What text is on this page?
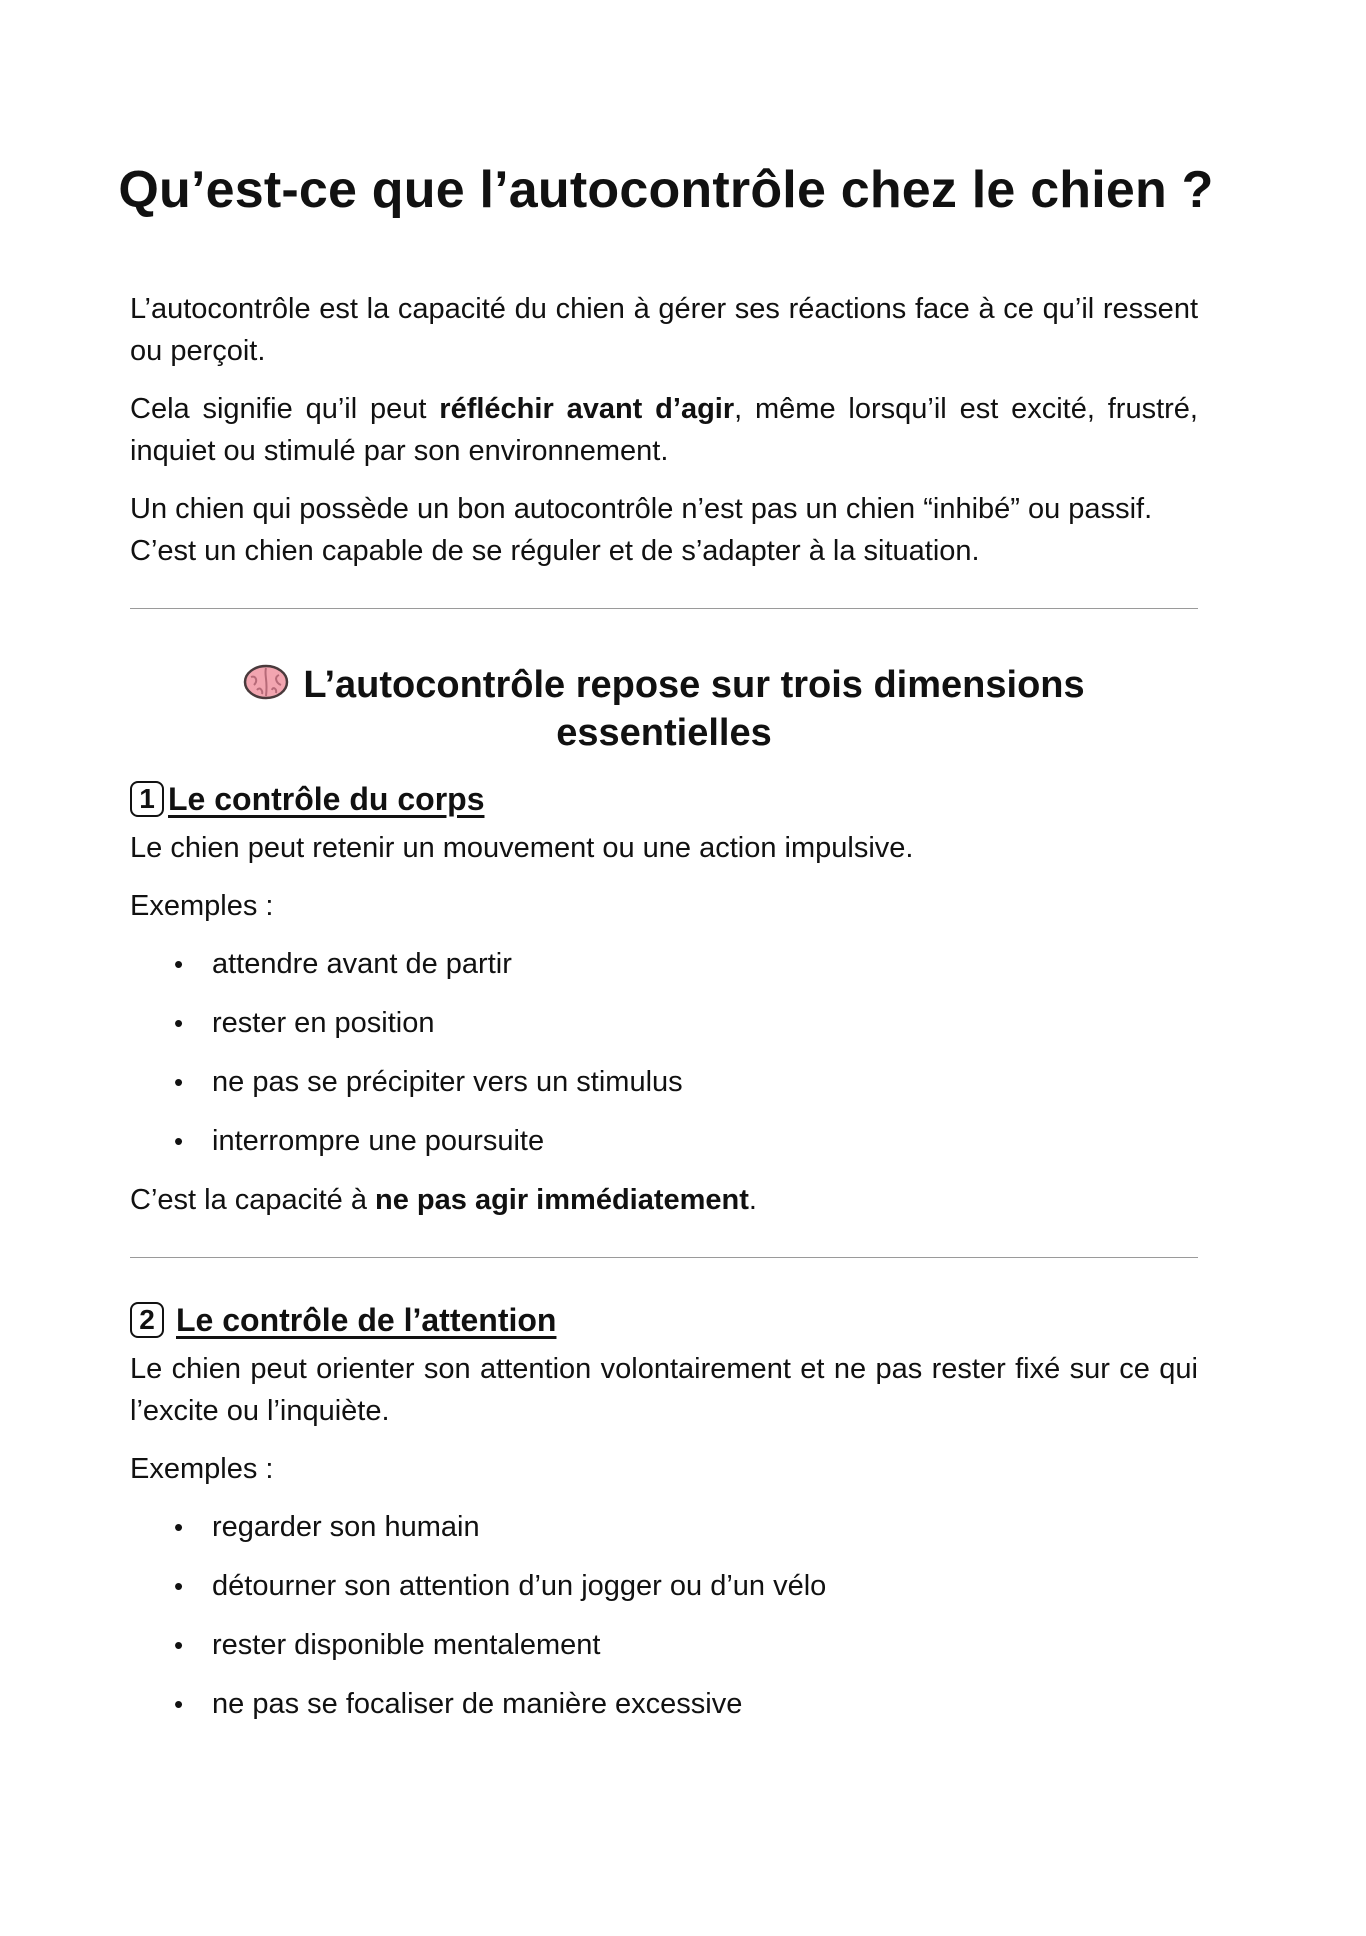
Qu’est-ce que l’autocontrôle chez le chien ?

L’autocontrôle est la capacité du chien à gérer ses réactions face à ce qu’il ressent ou perçoit.

Cela signifie qu’il peut réfléchir avant d’agir, même lorsqu’il est excité, frustré, inquiet ou stimulé par son environnement.

Un chien qui possède un bon autocontrôle n’est pas un chien “inhibé” ou passif.

C’est un chien capable de se réguler et de s’adapter à la situation.

L’autocontrôle repose sur trois dimensions
essentielles
1 Le contrôle du corps

Le chien peut retenir un mouvement ou une action impulsive.

Exemples :

• attendre avant de partir
• rester en position
• ne pas se précipiter vers un stimulus
• interrompre une poursuite

C’est la capacité à ne pas agir immédiatement.

2 Le contrôle de l’attention

Le chien peut orienter son attention volontairement et ne pas rester fixé sur ce qui l’excite ou l’inquiète.

Exemples :

• regarder son humain
• détourner son attention d’un jogger ou d’un vélo
• rester disponible mentalement
• ne pas se focaliser de manière excessive
